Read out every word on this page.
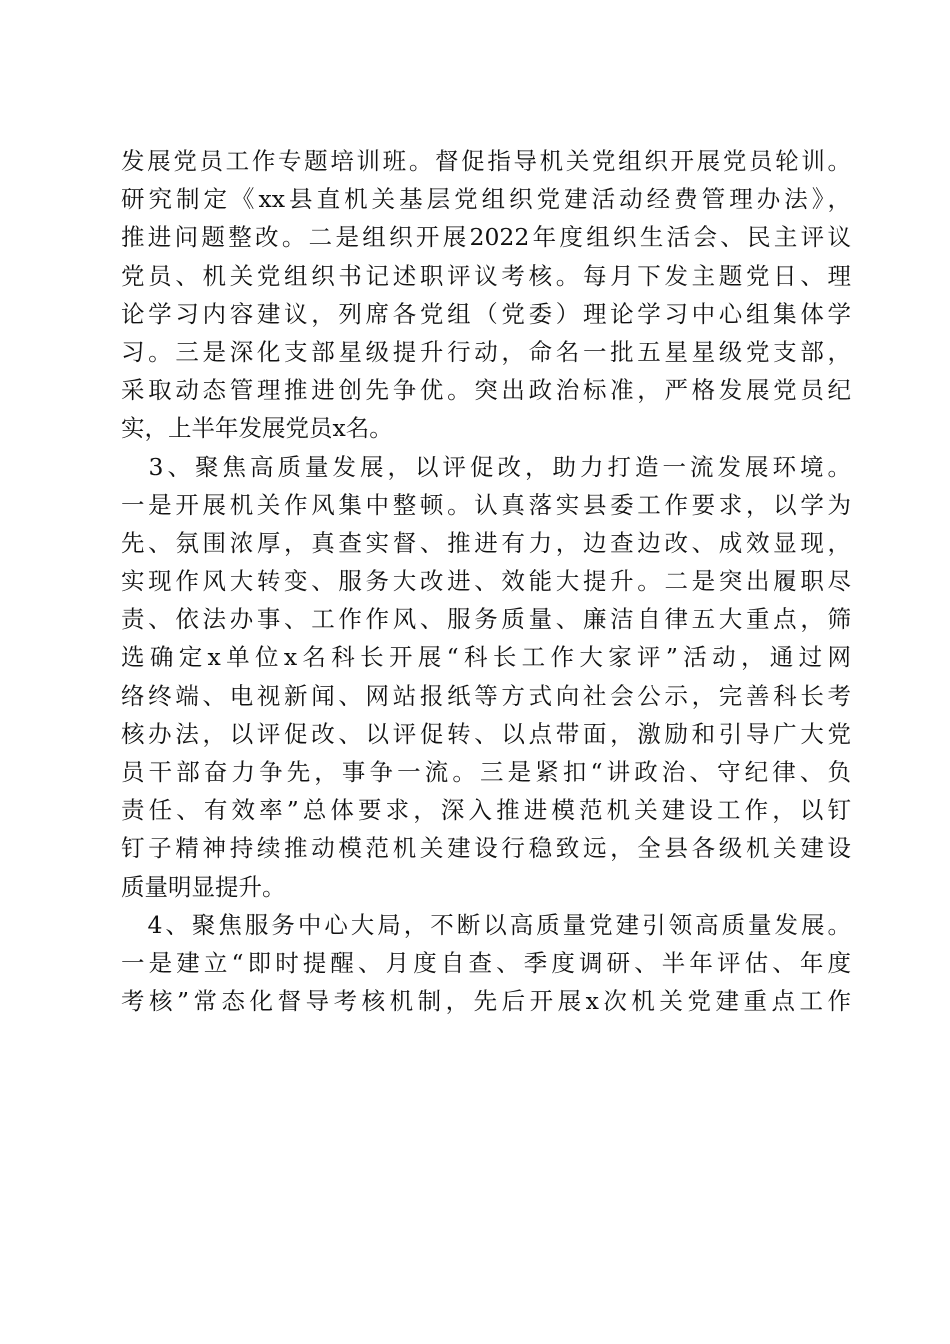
发展党员工作专题培训班。督促指导机关党组织开展党员轮训。
研究制定《xx县直机关基层党组织党建活动经费管理办法》，
推进问题整改。二是组织开展2022年度组织生活会、民主评议
党员、机关党组织书记述职评议考核。每月下发主题党日、理
论学习内容建议，列席各党组（党委）理论学习中心组集体学
习。三是深化支部星级提升行动，命名一批五星星级党支部，
采取动态管理推进创先争优。突出政治标准，严格发展党员纪
实，上半年发展党员x名。
　3、聚焦高质量发展，以评促改，助力打造一流发展环境。
一是开展机关作风集中整顿。认真落实县委工作要求，以学为
先、氛围浓厚，真查实督、推进有力，边查边改、成效显现，
实现作风大转变、服务大改进、效能大提升。二是突出履职尽
责、依法办事、工作作风、服务质量、廉洁自律五大重点，筛
选确定x单位x名科长开展“科长工作大家评”活动，通过网
络终端、电视新闻、网站报纸等方式向社会公示，完善科长考
核办法，以评促改、以评促转、以点带面，激励和引导广大党
员干部奋力争先，事争一流。三是紧扣“讲政治、守纪律、负
责任、有效率”总体要求，深入推进模范机关建设工作，以钉
钉子精神持续推动模范机关建设行稳致远，全县各级机关建设
质量明显提升。
　4、聚焦服务中心大局，不断以高质量党建引领高质量发展。
一是建立“即时提醒、月度自查、季度调研、半年评估、年度
考核”常态化督导考核机制，先后开展x次机关党建重点工作
